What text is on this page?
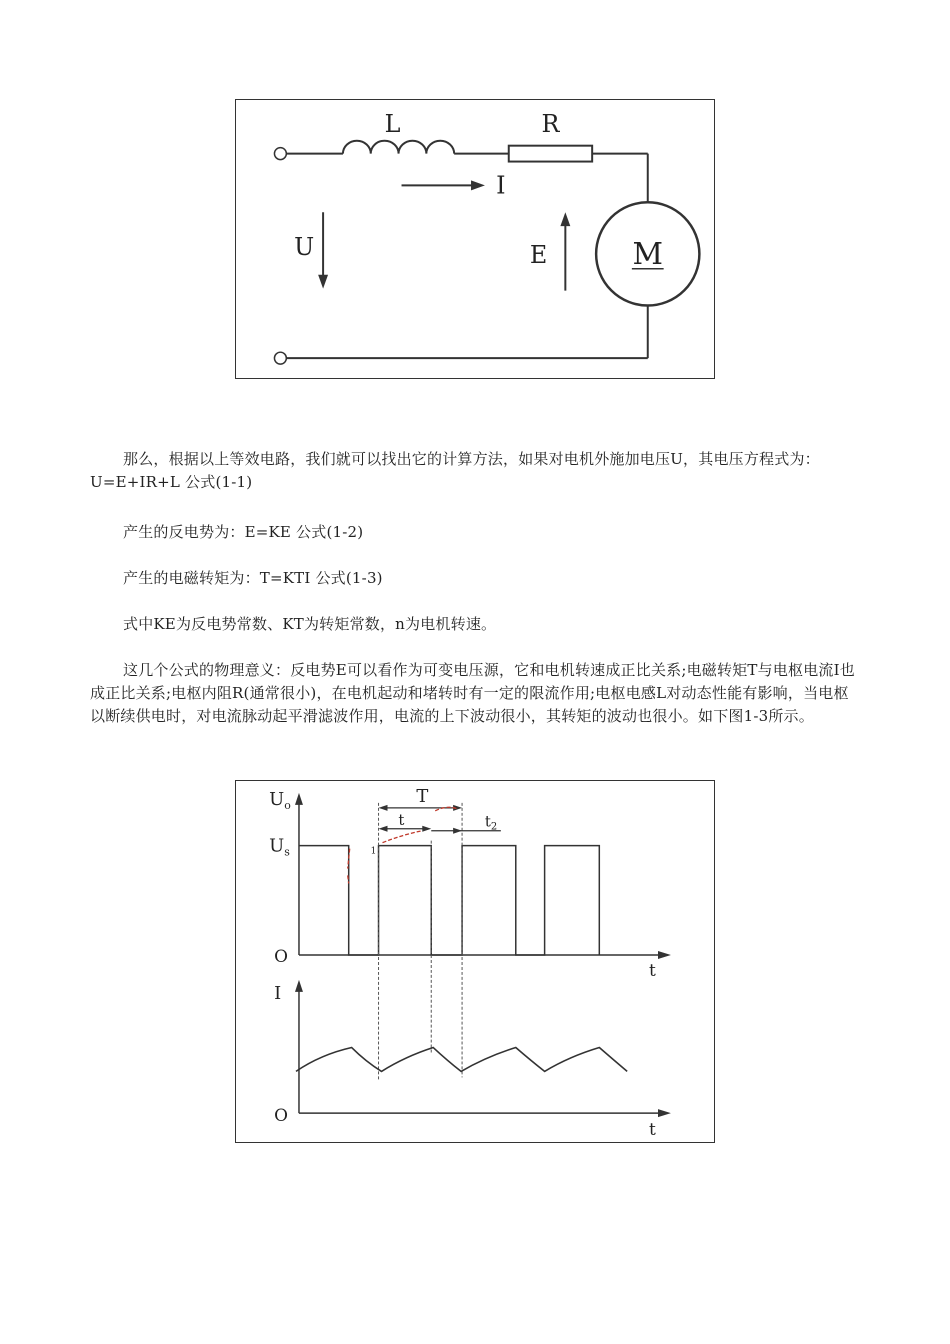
L	R
I
U	E	M

那么，根据以上等效电路，我们就可以找出它的计算方法，如果对电机外施加电压U，其电压方程式为：U=E+IR+L 公式(1-1)

产生的反电势为：E=KE 公式(1-2)

产生的电磁转矩为：T=KTI 公式(1-3)

式中KE为反电势常数、KT为转矩常数，n为电机转速。

这几个公式的物理意义：反电势E可以看作为可变电压源，它和电机转速成正比关系;电磁转矩T与电枢电流I也成正比关系;电枢内阻R(通常很小)，在电机起动和堵转时有一定的限流作用;电枢电感L对动态性能有影响，当电枢以断续供电时，对电流脉动起平滑滤波作用，电流的上下波动很小，其转矩的波动也很小。如下图1-3所示。

T
t
1
$t_2$
$U_o$
$U_s$
O
t
I
O
t
